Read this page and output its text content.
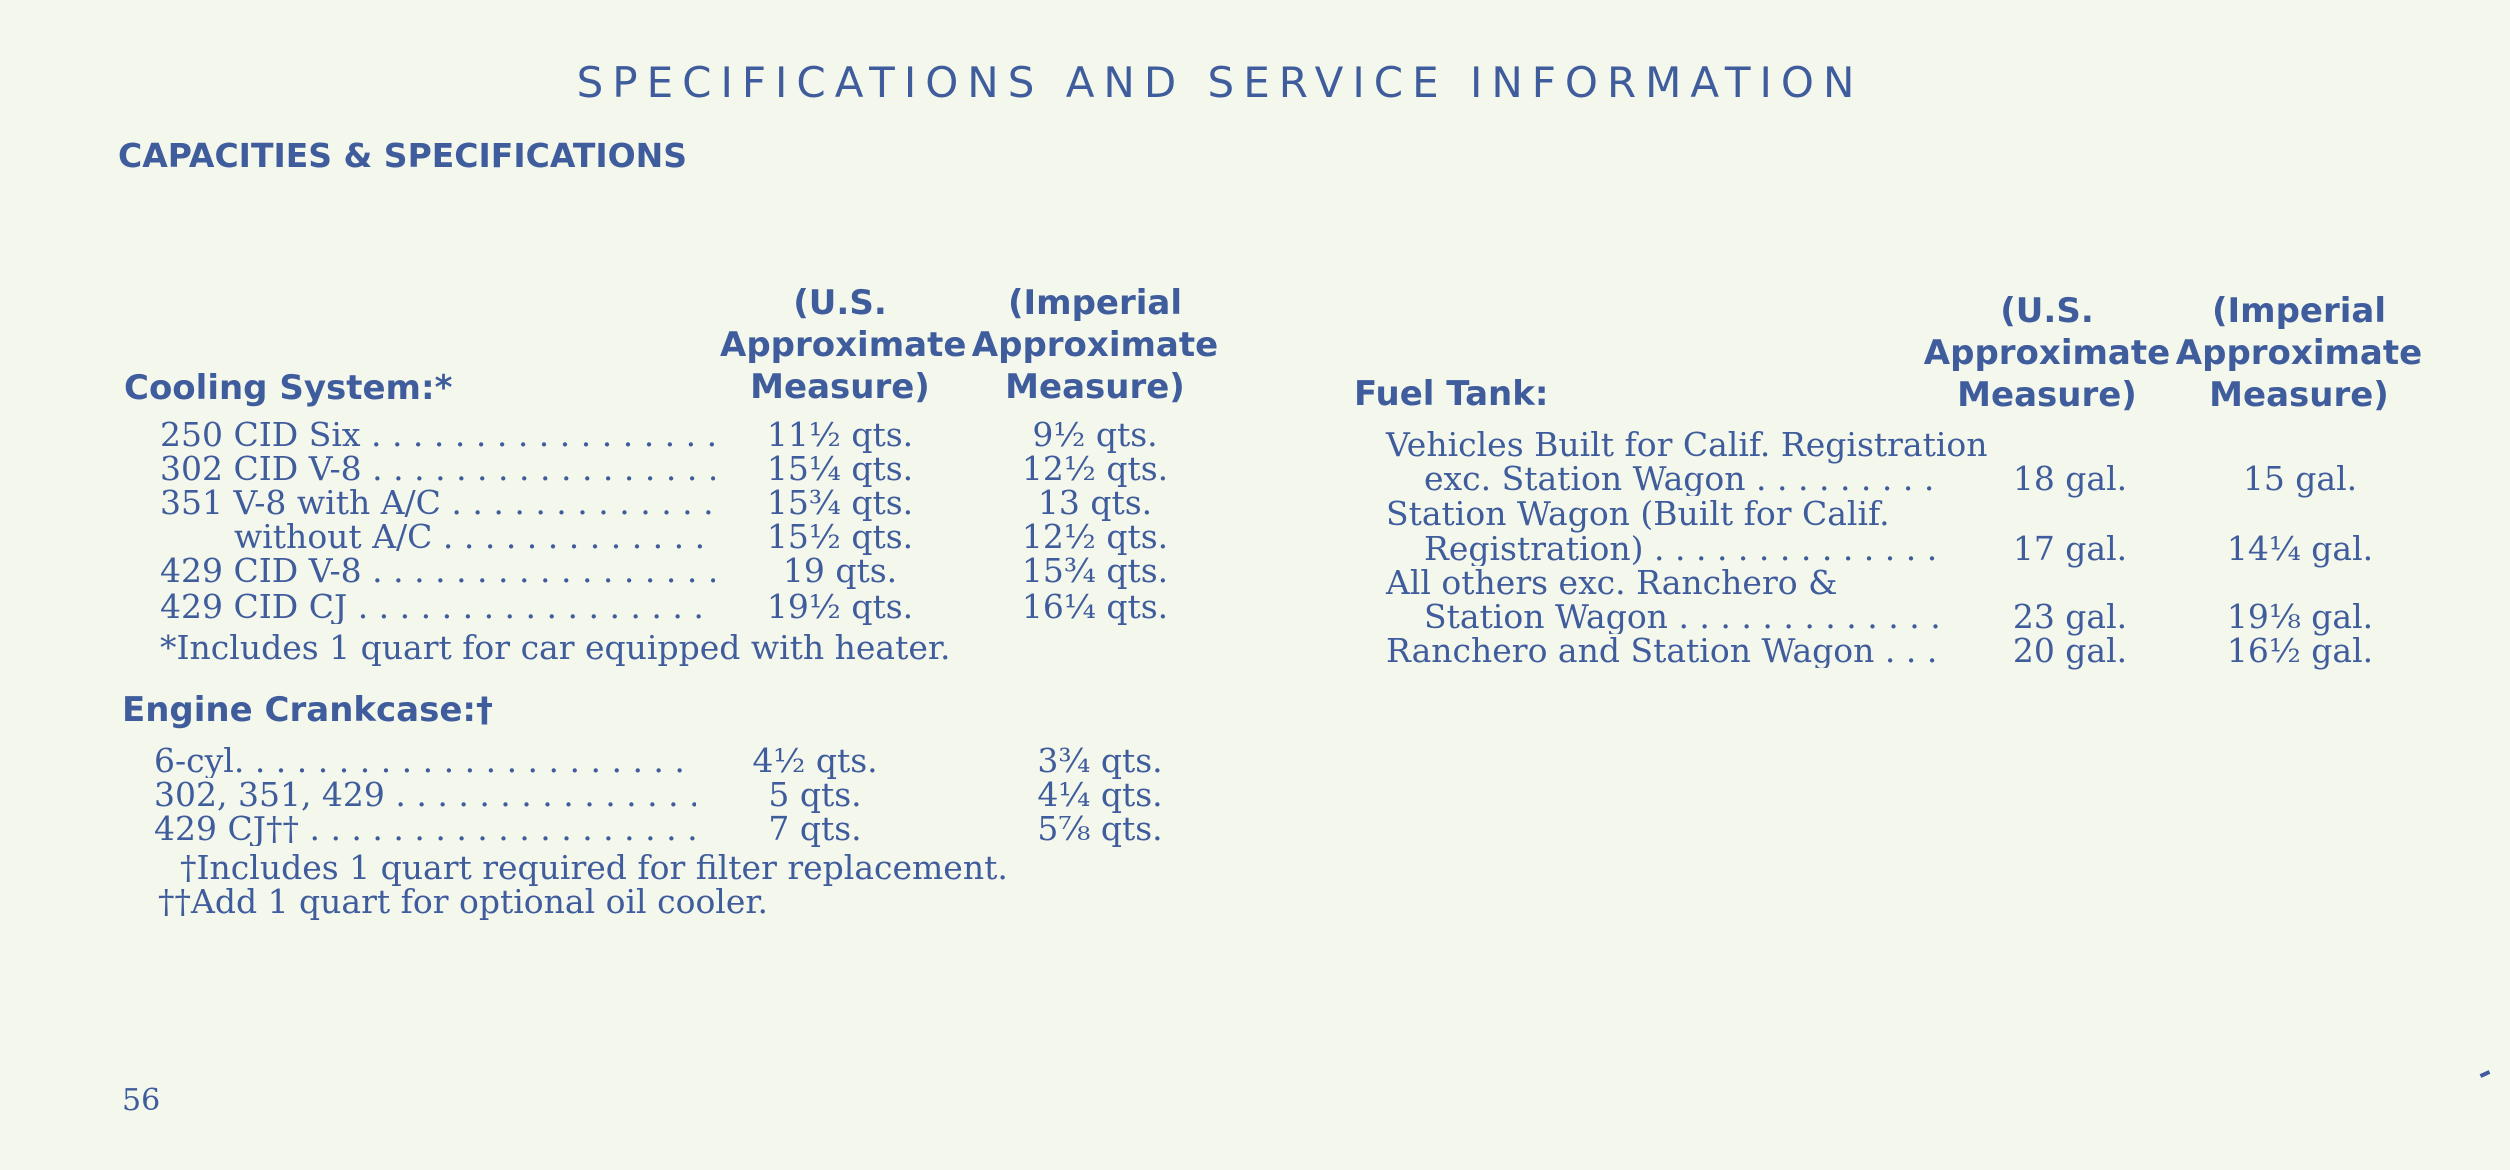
SPECIFICATIONS AND SERVICE INFORMATION
CAPACITIES & SPECIFICATIONS
(U.S.
Approximate
Measure)
(Imperial
Approximate
Measure)
Cooling System:*
250 CID Six . . .	11½ qts.	9½ qts.
302 CID V-8 . . .	15¼ qts.	12½ qts.
351 V-8 with A/C . . .	15¾ qts.	13 qts.
without A/C . . .	15½ qts.	12½ qts.
429 CID V-8 . . .	19 qts.	15¾ qts.
429 CID CJ . . .	19½ qts.	16¼ qts.
*Includes 1 quart for car equipped with heater.
Engine Crankcase:†
6-cyl. . . .	4½ qts.	3¾ qts.
302, 351, 429 . . .	5 qts.	4¼ qts.
429 CJ†† . . .	7 qts.	5⅞ qts.
†Includes 1 quart required for filter replacement.
††Add 1 quart for optional oil cooler.
(U.S.
Approximate
Measure)
(Imperial
Approximate
Measure)
Fuel Tank:
Vehicles Built for Calif. Registration
exc. Station Wagon . . .	18 gal.	15 gal.
Station Wagon (Built for Calif.
Registration) . . .	17 gal.	14¼ gal.
All others exc. Ranchero &
Station Wagon . . .	23 gal.	19⅛ gal.
Ranchero and Station Wagon . . .	20 gal.	16½ gal.
56
